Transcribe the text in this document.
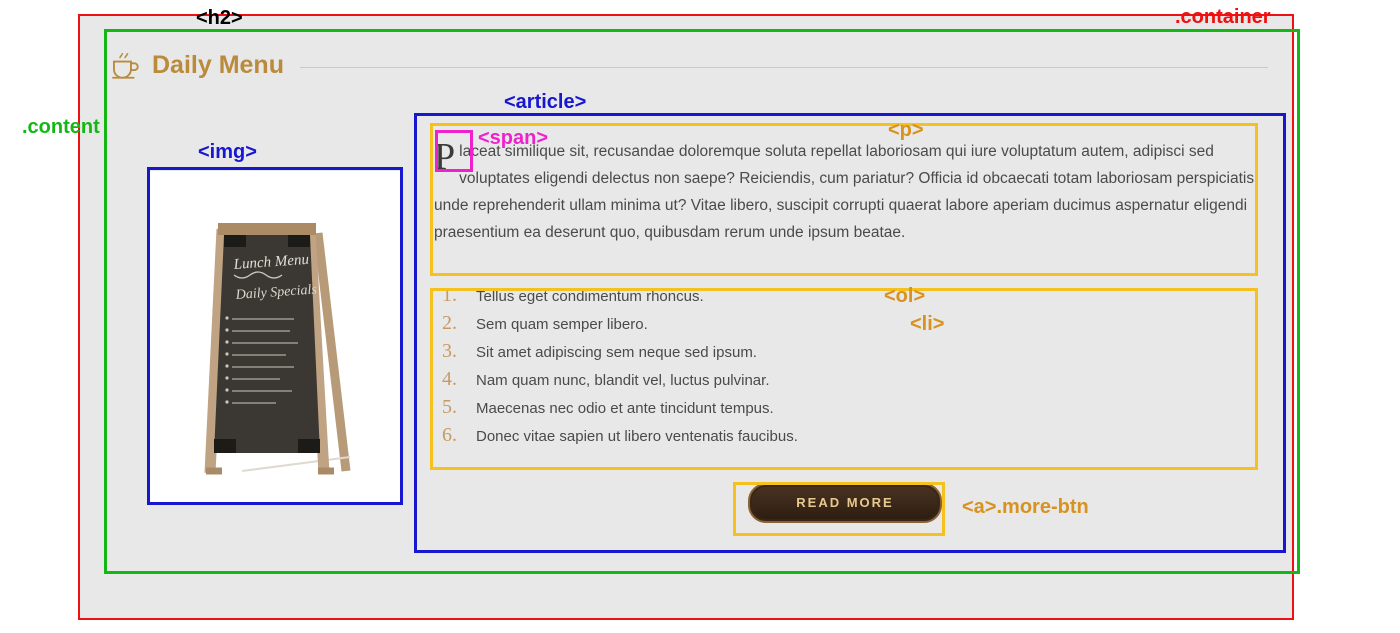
Daily Menu
Lunch Menu
Daily Specials

Placeat similique sit, recusandae doloremque soluta repellat laboriosam qui iure voluptatum autem, adipisci sed voluptates eligendi delectus non saepe? Reiciendis, cum pariatur? Officia id obcaecati totam laboriosam perspiciatis unde reprehenderit ullam minima ut? Vitae libero, suscipit corrupti quaerat labore aperiam ducimus aspernatur eligendi praesentium ea deserunt quo, quibusdam rerum unde ipsum beatae.

Tellus eget condimentum rhoncus.
Sem quam semper libero.
Sit amet adipiscing sem neque sed ipsum.
Nam quam nunc, blandit vel, luctus pulvinar.
Maecenas nec odio et ante tincidunt tempus.
Donec vitae sapien ut libero ventenatis faucibus.
READ MORE
.container
.content
<h2>
<article>
<img>
<p>
<span>
<ol>
<li>
<a>.more-btn
